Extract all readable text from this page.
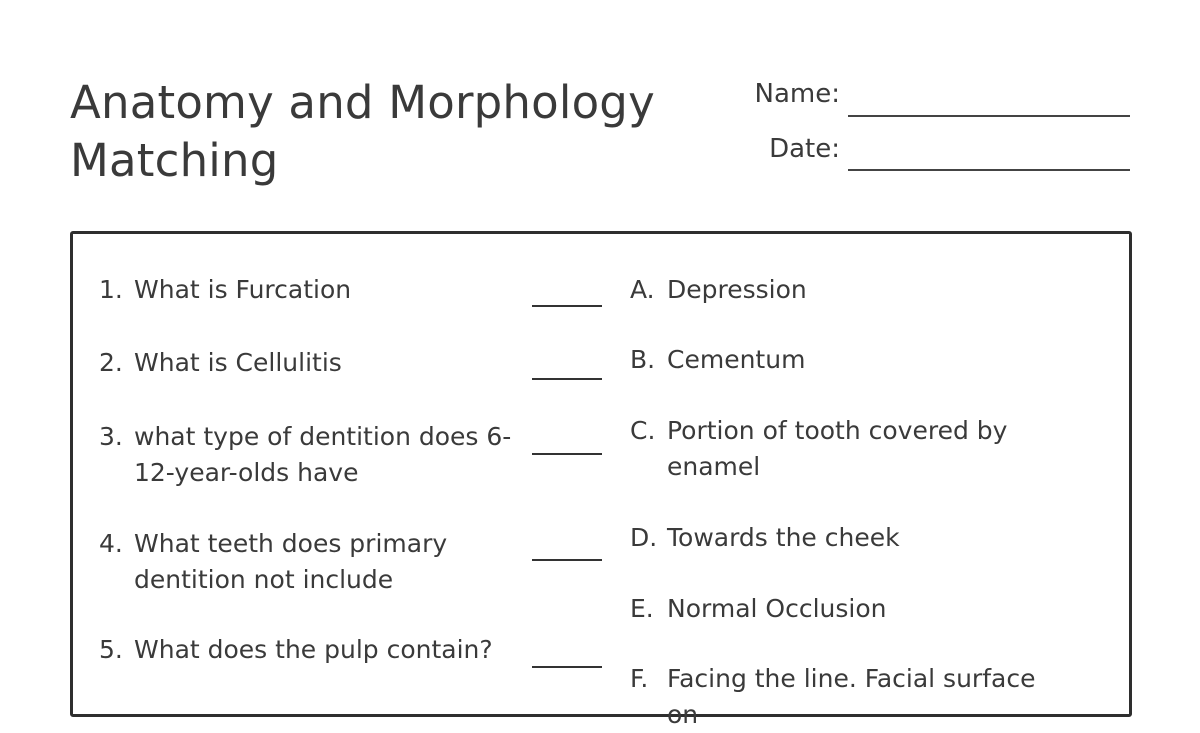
Anatomy and Morphology Matching
Name:
Date:
1. What is Furcation
2. What is Cellulitis
3. what type of dentition does 6-12-year-olds have
4. What teeth does primary dentition not include
5. What does the pulp contain?
A. Depression
B. Cementum
C. Portion of tooth covered by enamel
D. Towards the cheek
E. Normal Occlusion
F. Facing the line. Facial surface on
